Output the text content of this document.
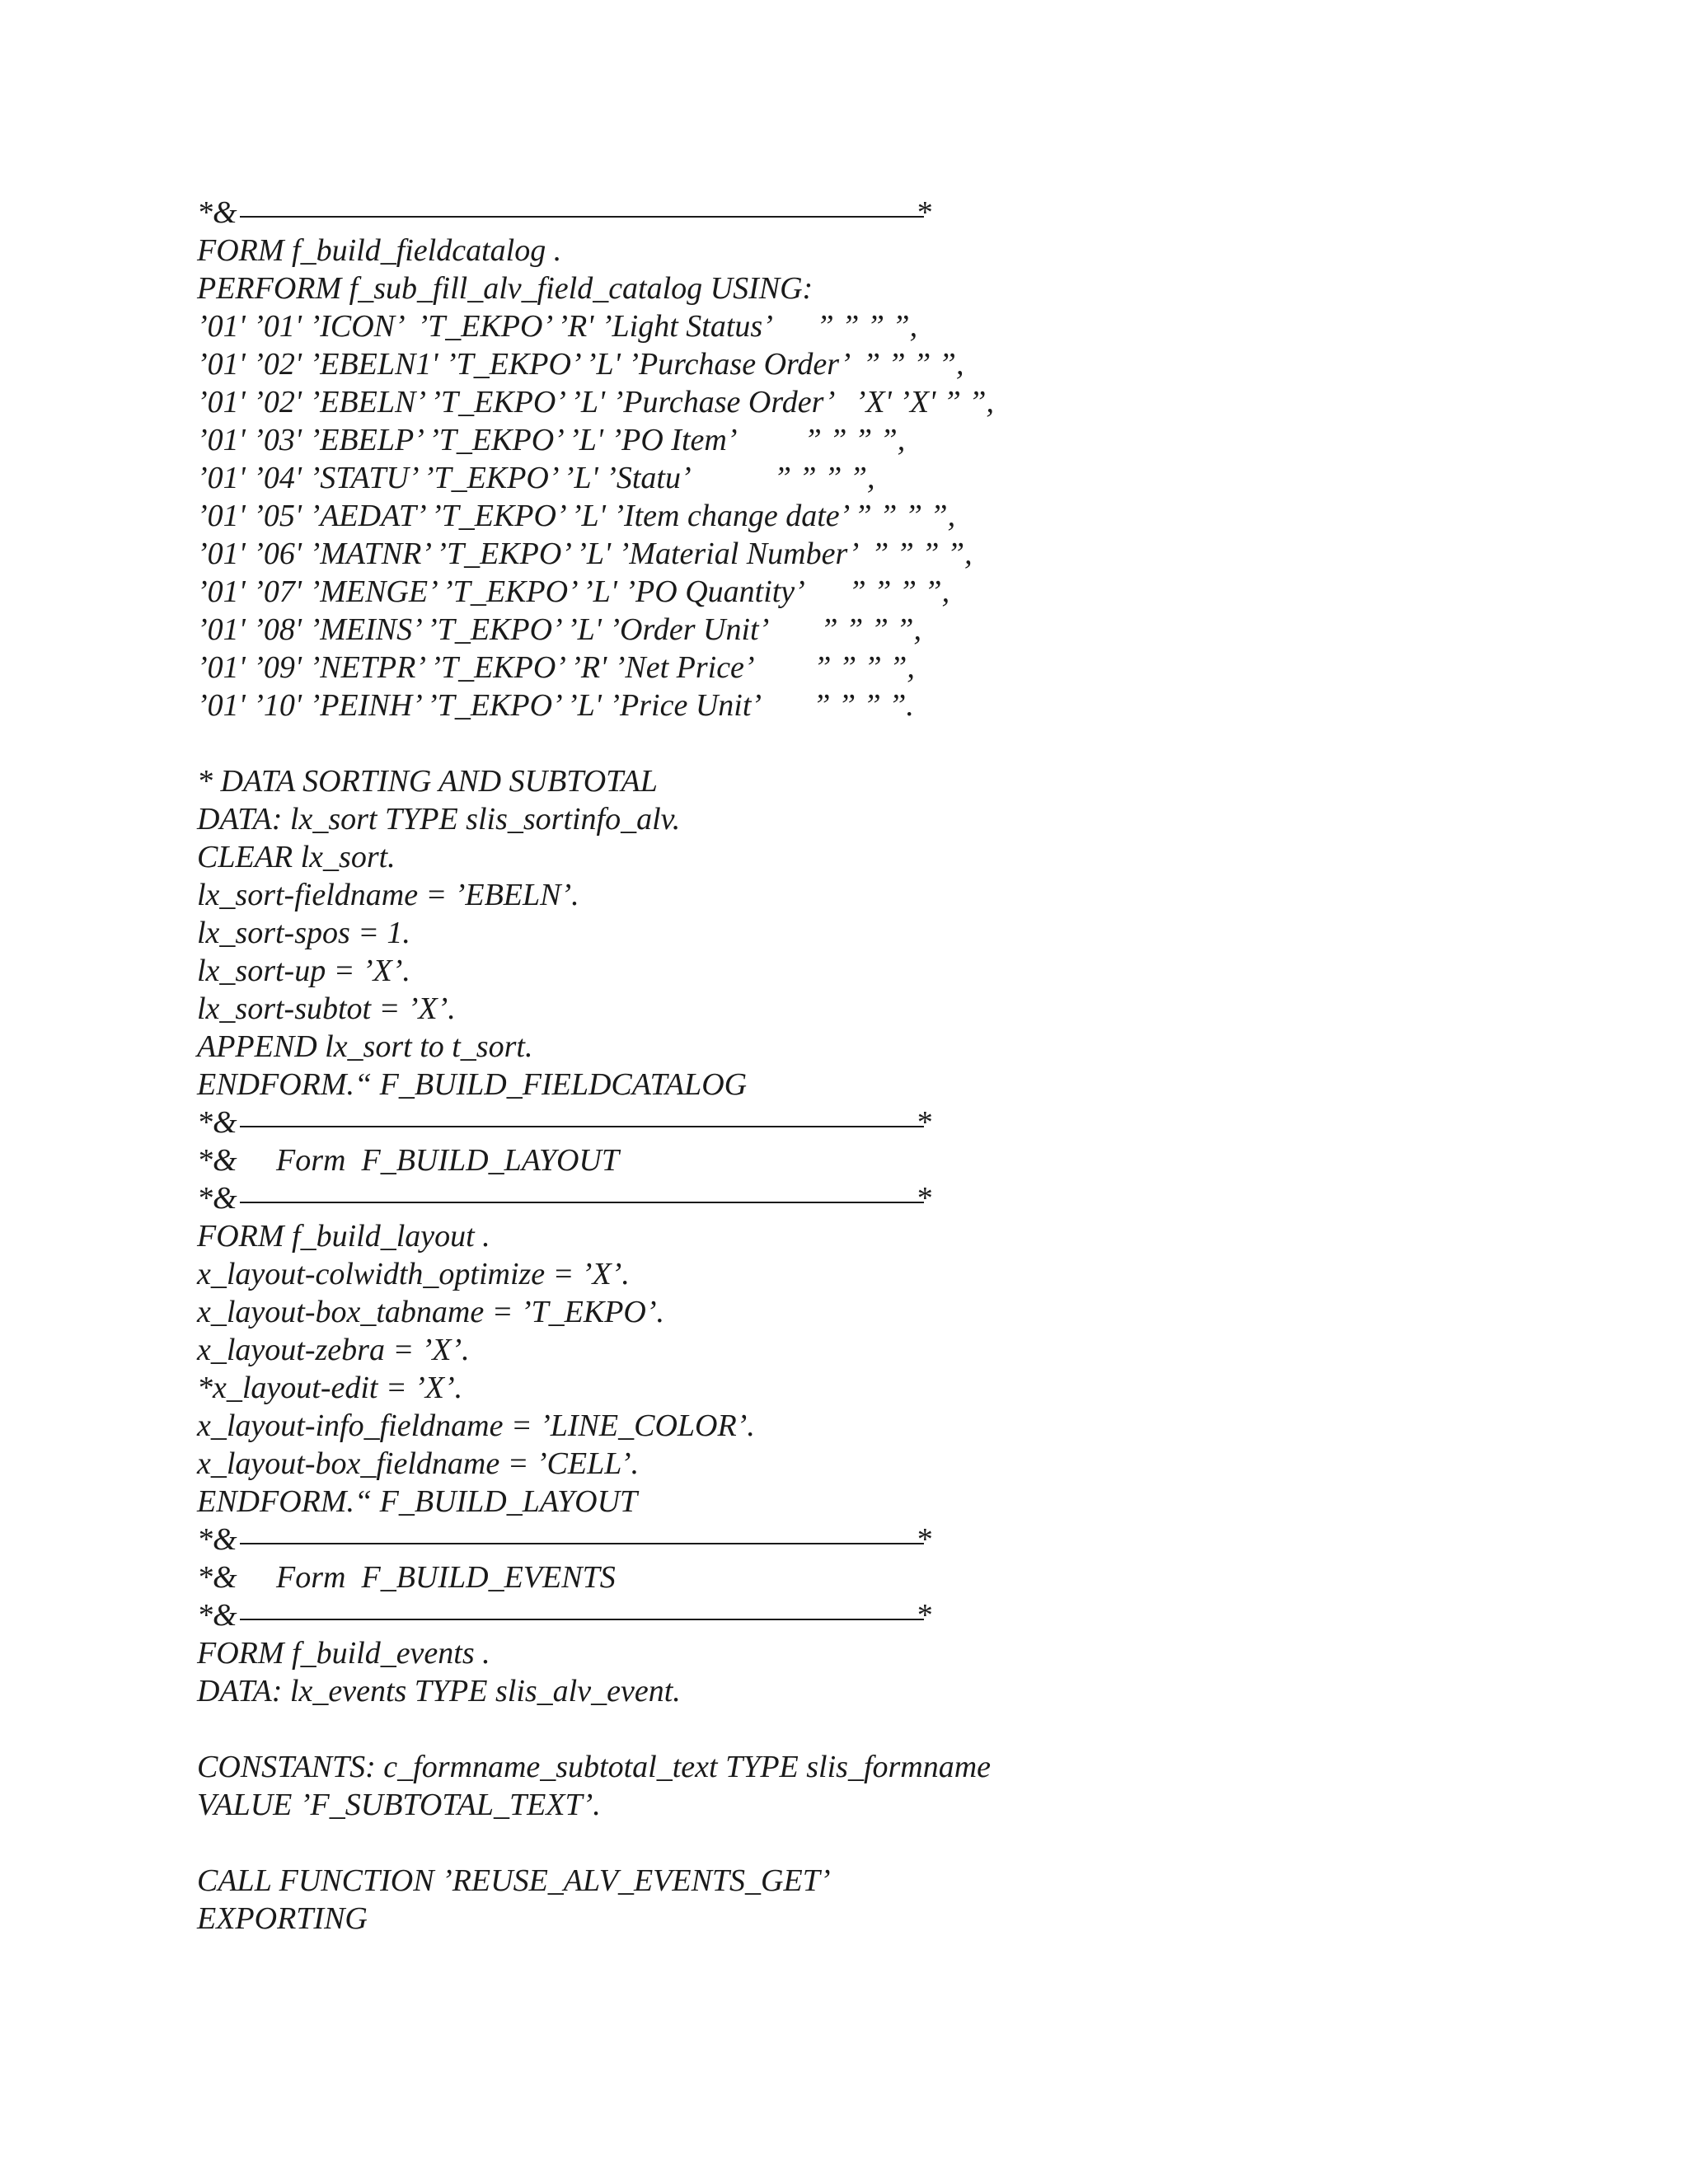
*&	*
FORM f_build_fieldcatalog .
PERFORM f_sub_fill_alv_field_catalog USING:
’01' ’01' ’ICON’  ’T_EKPO’ ’R' ’Light Status’      ” ” ” ”,
’01' ’02' ’EBELN1' ’T_EKPO’ ’L' ’Purchase Order’  ” ” ” ”,
’01' ’02' ’EBELN’ ’T_EKPO’ ’L' ’Purchase Order’   ’X' ’X' ” ”,
’01' ’03' ’EBELP’ ’T_EKPO’ ’L' ’PO Item’         ” ” ” ”,
’01' ’04' ’STATU’ ’T_EKPO’ ’L' ’Statu’           ” ” ” ”,
’01' ’05' ’AEDAT’ ’T_EKPO’ ’L' ’Item change date’ ” ” ” ”,
’01' ’06' ’MATNR’ ’T_EKPO’ ’L' ’Material Number’  ” ” ” ”,
’01' ’07' ’MENGE’ ’T_EKPO’ ’L' ’PO Quantity’      ” ” ” ”,
’01' ’08' ’MEINS’ ’T_EKPO’ ’L' ’Order Unit’       ” ” ” ”,
’01' ’09' ’NETPR’ ’T_EKPO’ ’R' ’Net Price’        ” ” ” ”,
’01' ’10' ’PEINH’ ’T_EKPO’ ’L' ’Price Unit’       ” ” ” ”.
* DATA SORTING AND SUBTOTAL
DATA: lx_sort TYPE slis_sortinfo_alv.
CLEAR lx_sort.
lx_sort-fieldname = ’EBELN’.
lx_sort-spos = 1.
lx_sort-up = ’X’.
lx_sort-subtot = ’X’.
APPEND lx_sort to t_sort.
ENDFORM.“ F_BUILD_FIELDCATALOG
*&	*
*&     Form  F_BUILD_LAYOUT
*&	*
FORM f_build_layout .
x_layout-colwidth_optimize = ’X’.
x_layout-box_tabname = ’T_EKPO’.
x_layout-zebra = ’X’.
*x_layout-edit = ’X’.
x_layout-info_fieldname = ’LINE_COLOR’.
x_layout-box_fieldname = ’CELL’.
ENDFORM.“ F_BUILD_LAYOUT
*&	*
*&     Form  F_BUILD_EVENTS
*&	*
FORM f_build_events .
DATA: lx_events TYPE slis_alv_event.
CONSTANTS: c_formname_subtotal_text TYPE slis_formname
VALUE ’F_SUBTOTAL_TEXT’.
CALL FUNCTION ’REUSE_ALV_EVENTS_GET’
EXPORTING
